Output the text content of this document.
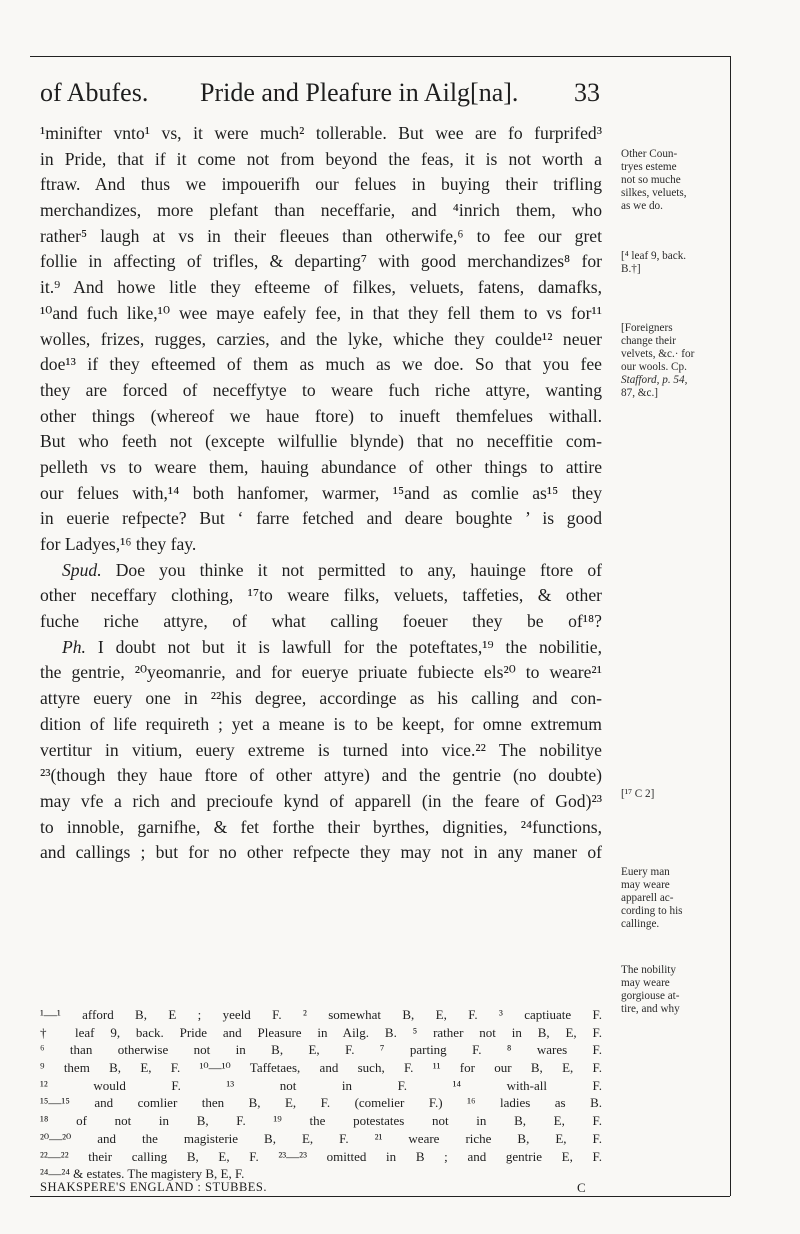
of Abufes. Pride and Pleafure in Ailg[na]. 33
¹minifter vnto¹ vs, it were much² tollerable. But wee are fo furprifed³
in Pride, that if it come not from beyond the feas, it is not worth a
ftraw. And thus we impouerifh our felues in buying their trifling
merchandizes, more plefant than neceffarie, and ⁴inrich them, who
rather⁵ laugh at vs in their fleeues than otherwife,⁶ to fee our gret
follie in affecting of trifles, & departing⁷ with good merchandizes⁸ for
it.⁹ And howe litle they efteeme of filkes, veluets, fatens, damafks,
¹⁰and fuch like,¹⁰ wee maye eafely fee, in that they fell them to vs for¹¹
wolles, frizes, rugges, carzies, and the lyke, whiche they coulde¹² neuer
doe¹³ if they efteemed of them as much as we doe. So that you fee
they are forced of neceffytye to weare fuch riche attyre, wanting
other things (whereof we haue ftore) to inueft themfelues withall.
But who feeth not (excepte wilfullie blynde) that no neceffitie com-
pelleth vs to weare them, hauing abundance of other things to attire
our felues with,¹⁴ both hanfomer, warmer, ¹⁵and as comlie as¹⁵ they
in euerie refpecte? But ‘ farre fetched and deare boughte ’ is good
for Ladyes,¹⁶ they fay.
Spud. Doe you thinke it not permitted to any, hauinge ftore of
other neceffary clothing, ¹⁷to weare filks, veluets, taffeties, & other
fuche riche attyre, of what calling foeuer they be of¹⁸?
Ph. I doubt not but it is lawfull for the poteftates,¹⁹ the nobilitie,
the gentrie, ²⁰yeomanrie, and for euerye priuate fubiecte els²⁰ to weare²¹
attyre euery one in ²²his degree, accordinge as his calling and con-
dition of life requireth ; yet a meane is to be keept, for omne extremum
vertitur in vitium, euery extreme is turned into vice.²² The nobilitye
²³(though they haue ftore of other attyre) and the gentrie (no doubte)
may vfe a rich and precioufe kynd of apparell (in the feare of God)²³
to innoble, garnifhe, & fet forthe their byrthes, dignities, ²⁴functions,
and callings ; but for no other refpecte they may not in any maner of
Other Coun-
tryes esteme
not so muche
silkes, veluets,
as we do.
[⁴ leaf 9, back.
B.†]
[Foreigners
change their
velvets, &c.· for
our wools. Cp.
Stafford, p. 54,
87, &c.]
[¹⁷ C 2]
Euery man
may weare
apparell ac-
cording to his
callinge.
The nobility
may weare
gorgiouse at-
tire, and why
¹—¹ afford B, E ; yeeld F. ² somewhat B, E, F. ³ captiuate F.
† leaf 9, back. Pride and Pleasure in Ailg. B. ⁵ rather not in B, E, F.
⁶ than otherwise not in B, E, F. ⁷ parting F. ⁸ wares F.
⁹ them B, E, F. ¹⁰—¹⁰ Taffetaes, and such, F. ¹¹ for our B, E, F.
¹² would F. ¹³ not in F. ¹⁴ with-all F.
¹⁵—¹⁵ and comlier then B, E, F. (comelier F.) ¹⁶ ladies as B.
¹⁸ of not in B, F. ¹⁹ the potestates not in B, E, F.
²⁰—²⁰ and the magisterie B, E, F. ²¹ weare riche B, E, F.
²²—²² their calling B, E, F. ²³—²³ omitted in B ; and gentrie E, F.
²⁴—²⁴ & estates. The magistery B, E, F.
SHAKSPERE'S ENGLAND : STUBBES.	C
